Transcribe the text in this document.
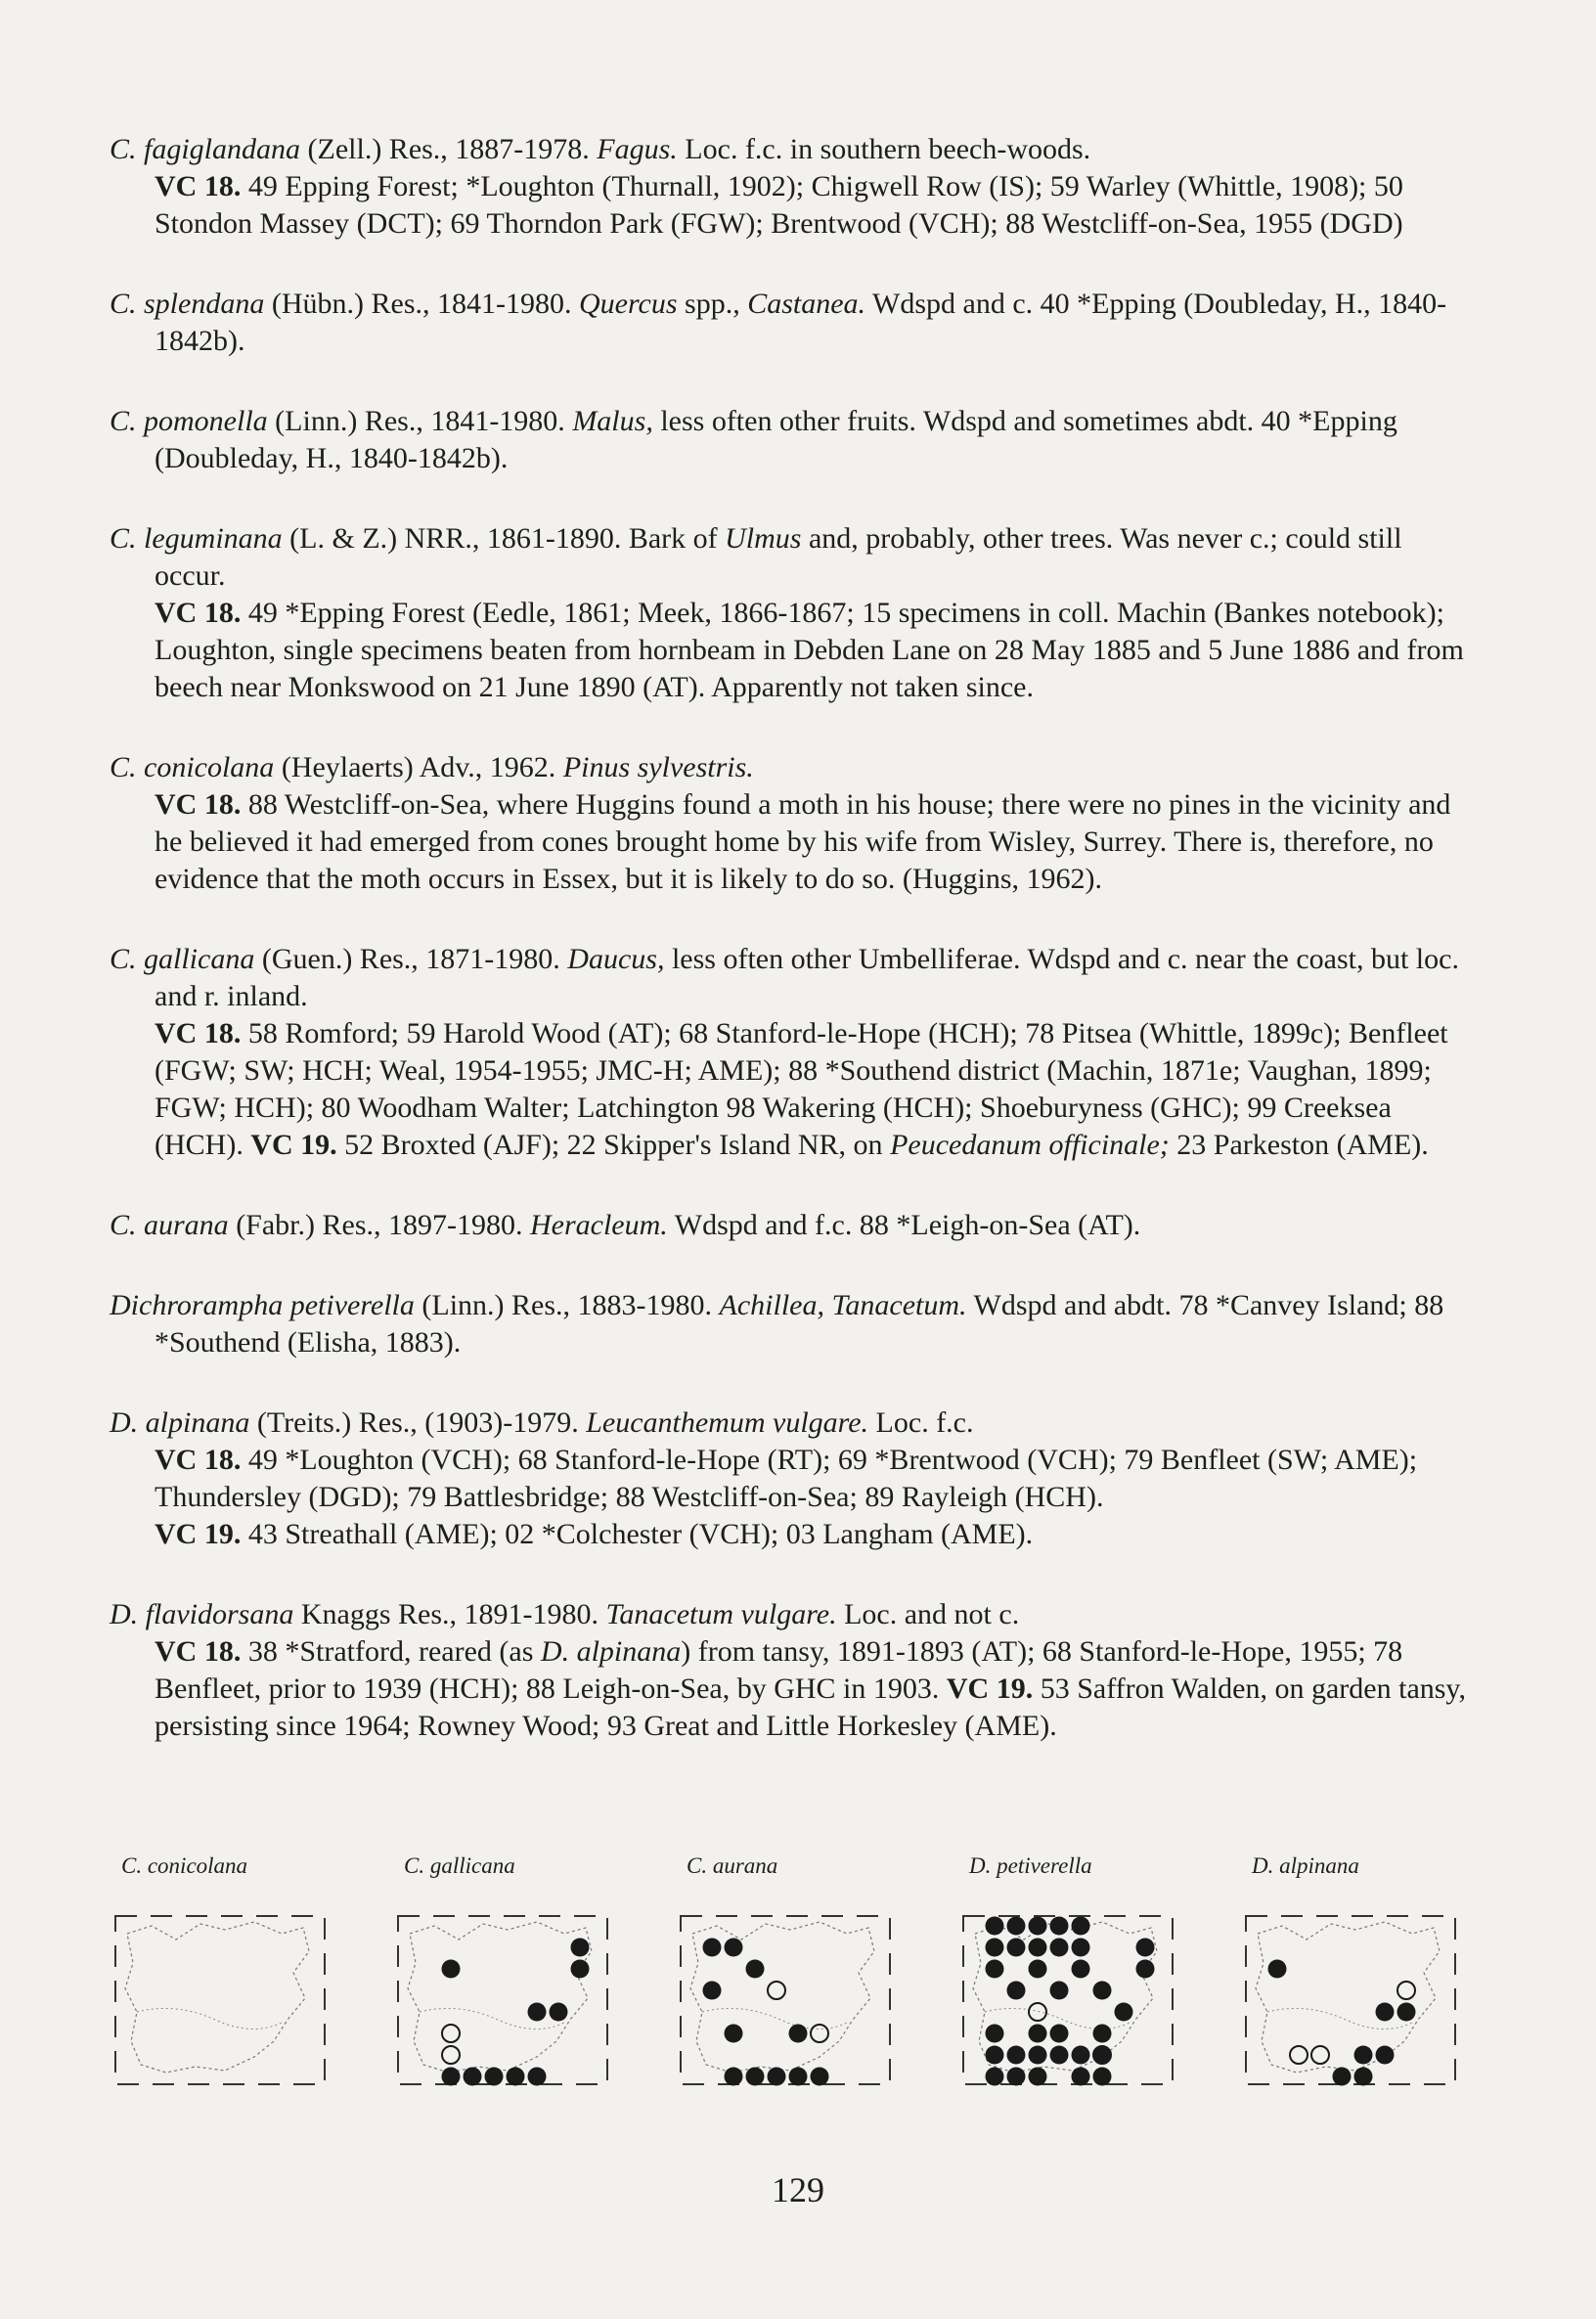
C. fagiglandana (Zell.) Res., 1887-1978. Fagus. Loc. f.c. in southern beech-woods.

VC 18. 49 Epping Forest; *Loughton (Thurnall, 1902); Chigwell Row (IS); 59 Warley (Whittle, 1908); 50 Stondon Massey (DCT); 69 Thorndon Park (FGW); Brentwood (VCH); 88 Westcliff-on-Sea, 1955 (DGD)

C. splendana (Hübn.) Res., 1841-1980. Quercus spp., Castanea. Wdspd and c. 40 *Epping (Doubleday, H., 1840-1842b).

C. pomonella (Linn.) Res., 1841-1980. Malus, less often other fruits. Wdspd and sometimes abdt. 40 *Epping (Doubleday, H., 1840-1842b).

C. leguminana (L. & Z.) NRR., 1861-1890. Bark of Ulmus and, probably, other trees. Was never c.; could still occur.

VC 18. 49 *Epping Forest (Eedle, 1861; Meek, 1866-1867; 15 specimens in coll. Machin (Bankes notebook); Loughton, single specimens beaten from hornbeam in Debden Lane on 28 May 1885 and 5 June 1886 and from beech near Monkswood on 21 June 1890 (AT). Apparently not taken since.

C. conicolana (Heylaerts) Adv., 1962. Pinus sylvestris.

VC 18. 88 Westcliff-on-Sea, where Huggins found a moth in his house; there were no pines in the vicinity and he believed it had emerged from cones brought home by his wife from Wisley, Surrey. There is, therefore, no evidence that the moth occurs in Essex, but it is likely to do so. (Huggins, 1962).

C. gallicana (Guen.) Res., 1871-1980. Daucus, less often other Umbelliferae. Wdspd and c. near the coast, but loc. and r. inland.

VC 18. 58 Romford; 59 Harold Wood (AT); 68 Stanford-le-Hope (HCH); 78 Pitsea (Whittle, 1899c); Benfleet (FGW; SW; HCH; Weal, 1954-1955; JMC-H; AME); 88 *Southend district (Machin, 1871e; Vaughan, 1899; FGW; HCH); 80 Woodham Walter; Latchington 98 Wakering (HCH); Shoeburyness (GHC); 99 Creeksea (HCH). VC 19. 52 Broxted (AJF); 22 Skipper's Island NR, on Peucedanum officinale; 23 Parkeston (AME).

C. aurana (Fabr.) Res., 1897-1980. Heracleum. Wdspd and f.c. 88 *Leigh-on-Sea (AT).

Dichrorampha petiverella (Linn.) Res., 1883-1980. Achillea, Tanacetum. Wdspd and abdt. 78 *Canvey Island; 88 *Southend (Elisha, 1883).

D. alpinana (Treits.) Res., (1903)-1979. Leucanthemum vulgare. Loc. f.c.

VC 18. 49 *Loughton (VCH); 68 Stanford-le-Hope (RT); 69 *Brentwood (VCH); 79 Benfleet (SW; AME); Thundersley (DGD); 79 Battlesbridge; 88 Westcliff-on-Sea; 89 Rayleigh (HCH).

VC 19. 43 Streathall (AME); 02 *Colchester (VCH); 03 Langham (AME).

D. flavidorsana Knaggs Res., 1891-1980. Tanacetum vulgare. Loc. and not c.

VC 18. 38 *Stratford, reared (as D. alpinana) from tansy, 1891-1893 (AT); 68 Stanford-le-Hope, 1955; 78 Benfleet, prior to 1939 (HCH); 88 Leigh-on-Sea, by GHC in 1903. VC 19. 53 Saffron Walden, on garden tansy, persisting since 1964; Rowney Wood; 93 Great and Little Horkesley (AME).

C. conicolana	C. gallicana	C. aurana	D. petiverella	D. alpinana
129
